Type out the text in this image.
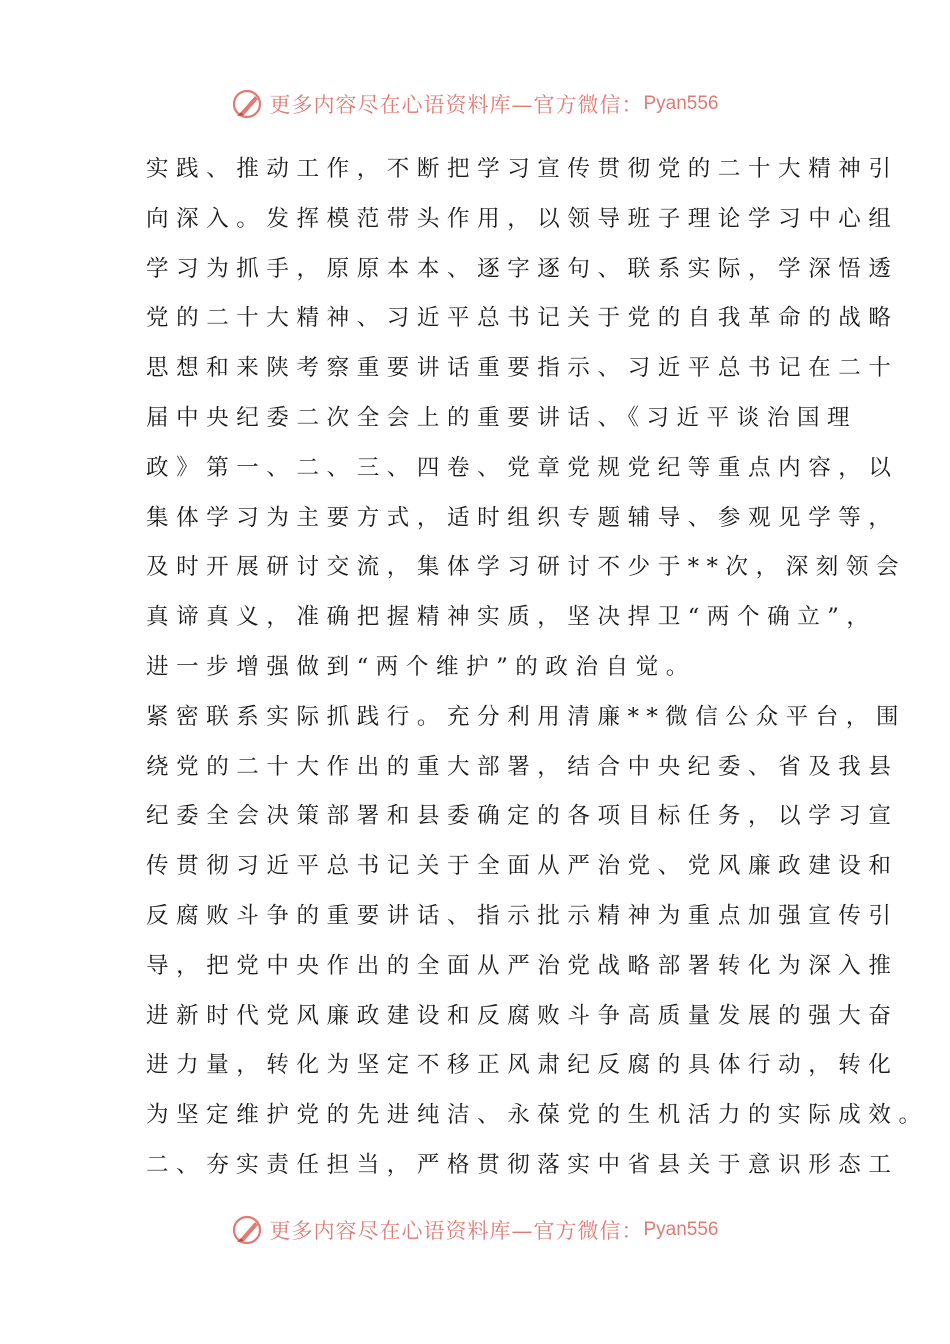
更多内容尽在心语资料库—官方微信： Pyan556
实践、推动工作，不断把学习宣传贯彻党的二十大精神引
向深入。发挥模范带头作用，以领导班子理论学习中心组
学习为抓手，原原本本、逐字逐句、联系实际，学深悟透
党的二十大精神、习近平总书记关于党的自我革命的战略
思想和来陕考察重要讲话重要指示、习近平总书记在二十
届中央纪委二次全会上的重要讲话、《习近平谈治国理
政》第一、二、三、四卷、党章党规党纪等重点内容，以
集体学习为主要方式，适时组织专题辅导、参观见学等，
及时开展研讨交流，集体学习研讨不少于**次，深刻领会
真谛真义，准确把握精神实质，坚决捍卫“两个确立”，
进一步增强做到“两个维护”的政治自觉。
紧密联系实际抓践行。充分利用清廉**微信公众平台，围
绕党的二十大作出的重大部署，结合中央纪委、省及我县
纪委全会决策部署和县委确定的各项目标任务，以学习宣
传贯彻习近平总书记关于全面从严治党、党风廉政建设和
反腐败斗争的重要讲话、指示批示精神为重点加强宣传引
导，把党中央作出的全面从严治党战略部署转化为深入推
进新时代党风廉政建设和反腐败斗争高质量发展的强大奋
进力量，转化为坚定不移正风肃纪反腐的具体行动，转化
为坚定维护党的先进纯洁、永葆党的生机活力的实际成效。
二、夯实责任担当，严格贯彻落实中省县关于意识形态工
更多内容尽在心语资料库—官方微信： Pyan556
